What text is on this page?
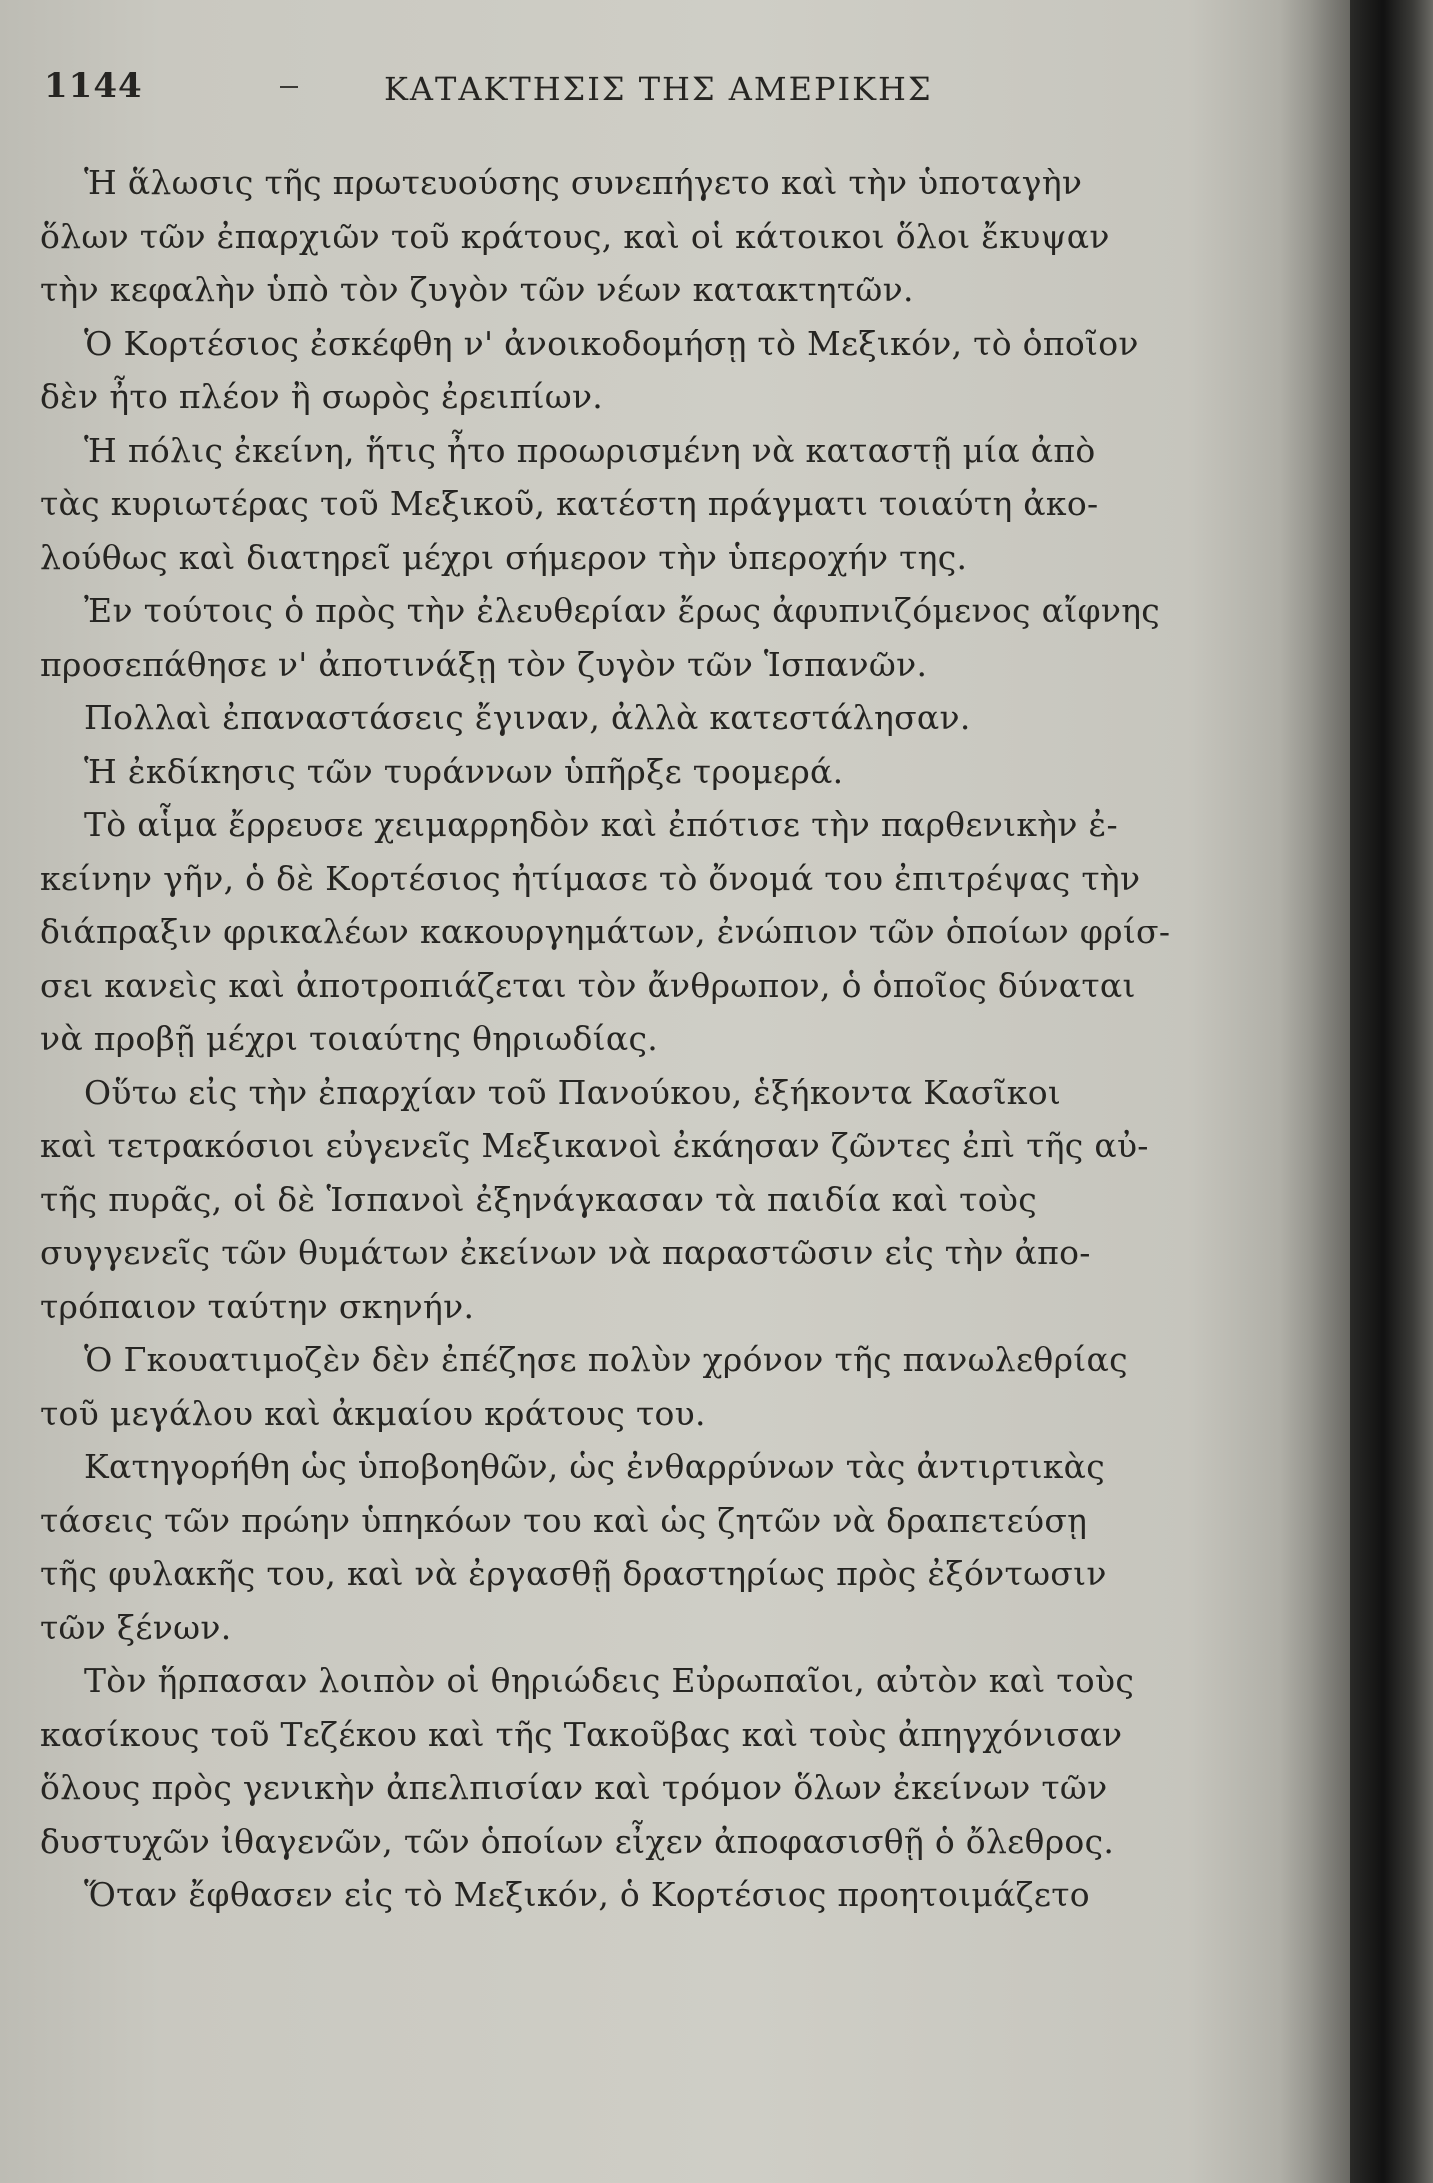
1144	ΚΑΤΑΚΤΗΣΙΣ ΤΗΣ ΑΜΕΡΙΚΗΣ
Ἡ ἅλωσις τῆς πρωτευούσης συνεπήγετο καὶ τὴν ὑποταγὴν
ὅλων τῶν ἐπαρχιῶν τοῦ κράτους, καὶ οἱ κάτοικοι ὅλοι ἔκυψαν
τὴν κεφαλὴν ὑπὸ τὸν ζυγὸν τῶν νέων κατακτητῶν.
Ὁ Κορτέσιος ἐσκέφθη ν' ἀνοικοδομήσῃ τὸ Μεξικόν, τὸ ὁποῖον
δὲν ἦτο πλέον ἢ σωρὸς ἐρειπίων.
Ἡ πόλις ἐκείνη, ἥτις ἦτο προωρισμένη νὰ καταστῇ μία ἀπὸ
τὰς κυριωτέρας τοῦ Μεξικοῦ, κατέστη πράγματι τοιαύτη ἀκο-
λούθως καὶ διατηρεῖ μέχρι σήμερον τὴν ὑπεροχήν της.
Ἐν τούτοις ὁ πρὸς τὴν ἐλευθερίαν ἔρως ἀφυπνιζόμενος αἴφνης
προσεπάθησε ν' ἀποτινάξῃ τὸν ζυγὸν τῶν Ἱσπανῶν.
Πολλαὶ ἐπαναστάσεις ἔγιναν, ἀλλὰ κατεστάλησαν.
Ἡ ἐκδίκησις τῶν τυράννων ὑπῆρξε τρομερά.
Τὸ αἷμα ἔρρευσε χειμαρρηδὸν καὶ ἐπότισε τὴν παρθενικὴν ἐ-
κείνην γῆν, ὁ δὲ Κορτέσιος ἠτίμασε τὸ ὄνομά του ἐπιτρέψας τὴν
διάπραξιν φρικαλέων κακουργημάτων, ἐνώπιον τῶν ὁποίων φρίσ-
σει κανεὶς καὶ ἀποτροπιάζεται τὸν ἄνθρωπον, ὁ ὁποῖος δύναται
νὰ προβῇ μέχρι τοιαύτης θηριωδίας.
Οὕτω εἰς τὴν ἐπαρχίαν τοῦ Πανούκου, ἑξήκοντα Κασῖκοι
καὶ τετρακόσιοι εὐγενεῖς Μεξικανοὶ ἐκάησαν ζῶντες ἐπὶ τῆς αὐ-
τῆς πυρᾶς, οἱ δὲ Ἱσπανοὶ ἐξηνάγκασαν τὰ παιδία καὶ τοὺς
συγγενεῖς τῶν θυμάτων ἐκείνων νὰ παραστῶσιν εἰς τὴν ἀπο-
τρόπαιον ταύτην σκηνήν.
Ὁ Γκουατιμοζὲν δὲν ἐπέζησε πολὺν χρόνον τῆς πανωλεθρίας
τοῦ μεγάλου καὶ ἀκμαίου κράτους του.
Κατηγορήθη ὡς ὑποβοηθῶν, ὡς ἐνθαρρύνων τὰς ἀντιρτικὰς
τάσεις τῶν πρώην ὑπηκόων του καὶ ὡς ζητῶν νὰ δραπετεύσῃ
τῆς φυλακῆς του, καὶ νὰ ἐργασθῇ δραστηρίως πρὸς ἐξόντωσιν
τῶν ξένων.
Τὸν ἥρπασαν λοιπὸν οἱ θηριώδεις Εὐρωπαῖοι, αὐτὸν καὶ τοὺς
κασίκους τοῦ Τεζέκου καὶ τῆς Τακοῦβας καὶ τοὺς ἀπηγχόνισαν
ὅλους πρὸς γενικὴν ἀπελπισίαν καὶ τρόμον ὅλων ἐκείνων τῶν
δυστυχῶν ἰθαγενῶν, τῶν ὁποίων εἶχεν ἀποφασισθῇ ὁ ὄλεθρος.
Ὅταν ἔφθασεν εἰς τὸ Μεξικόν, ὁ Κορτέσιος προητοιμάζετο
